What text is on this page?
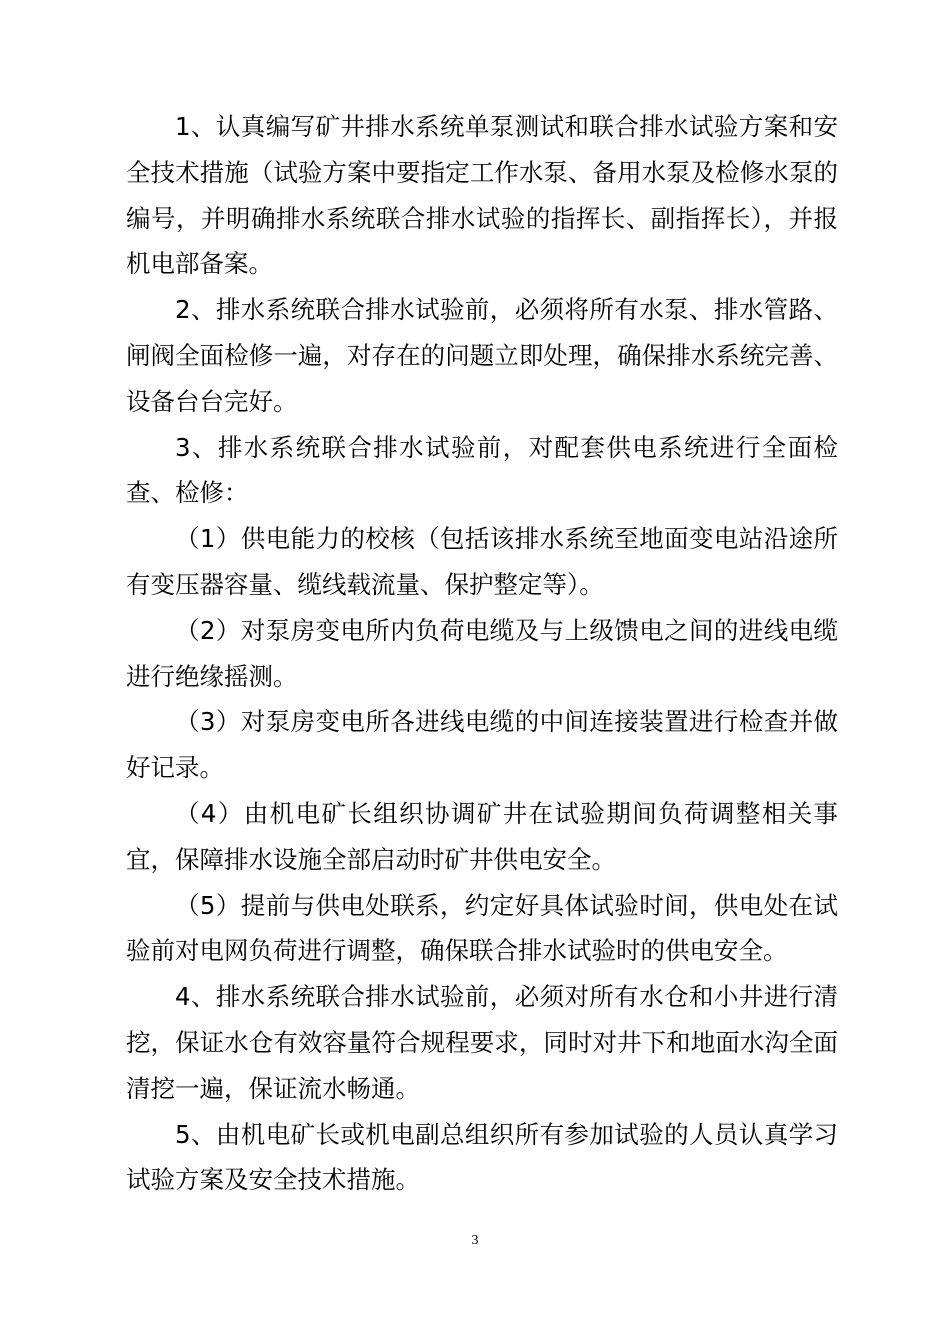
1、认真编写矿井排水系统单泵测试和联合排水试验方案和安全技术措施（试验方案中要指定工作水泵、备用水泵及检修水泵的编号，并明确排水系统联合排水试验的指挥长、副指挥长），并报机电部备案。

2、排水系统联合排水试验前，必须将所有水泵、排水管路、闸阀全面检修一遍，对存在的问题立即处理，确保排水系统完善、设备台台完好。

3、排水系统联合排水试验前，对配套供电系统进行全面检查、检修：

（1）供电能力的校核（包括该排水系统至地面变电站沿途所有变压器容量、缆线载流量、保护整定等）。

（2）对泵房变电所内负荷电缆及与上级馈电之间的进线电缆进行绝缘摇测。

（3）对泵房变电所各进线电缆的中间连接装置进行检查并做好记录。

（4）由机电矿长组织协调矿井在试验期间负荷调整相关事宜，保障排水设施全部启动时矿井供电安全。

（5）提前与供电处联系，约定好具体试验时间，供电处在试验前对电网负荷进行调整，确保联合排水试验时的供电安全。

4、排水系统联合排水试验前，必须对所有水仓和小井进行清挖，保证水仓有效容量符合规程要求，同时对井下和地面水沟全面清挖一遍，保证流水畅通。

5、由机电矿长或机电副总组织所有参加试验的人员认真学习试验方案及安全技术措施。

3
